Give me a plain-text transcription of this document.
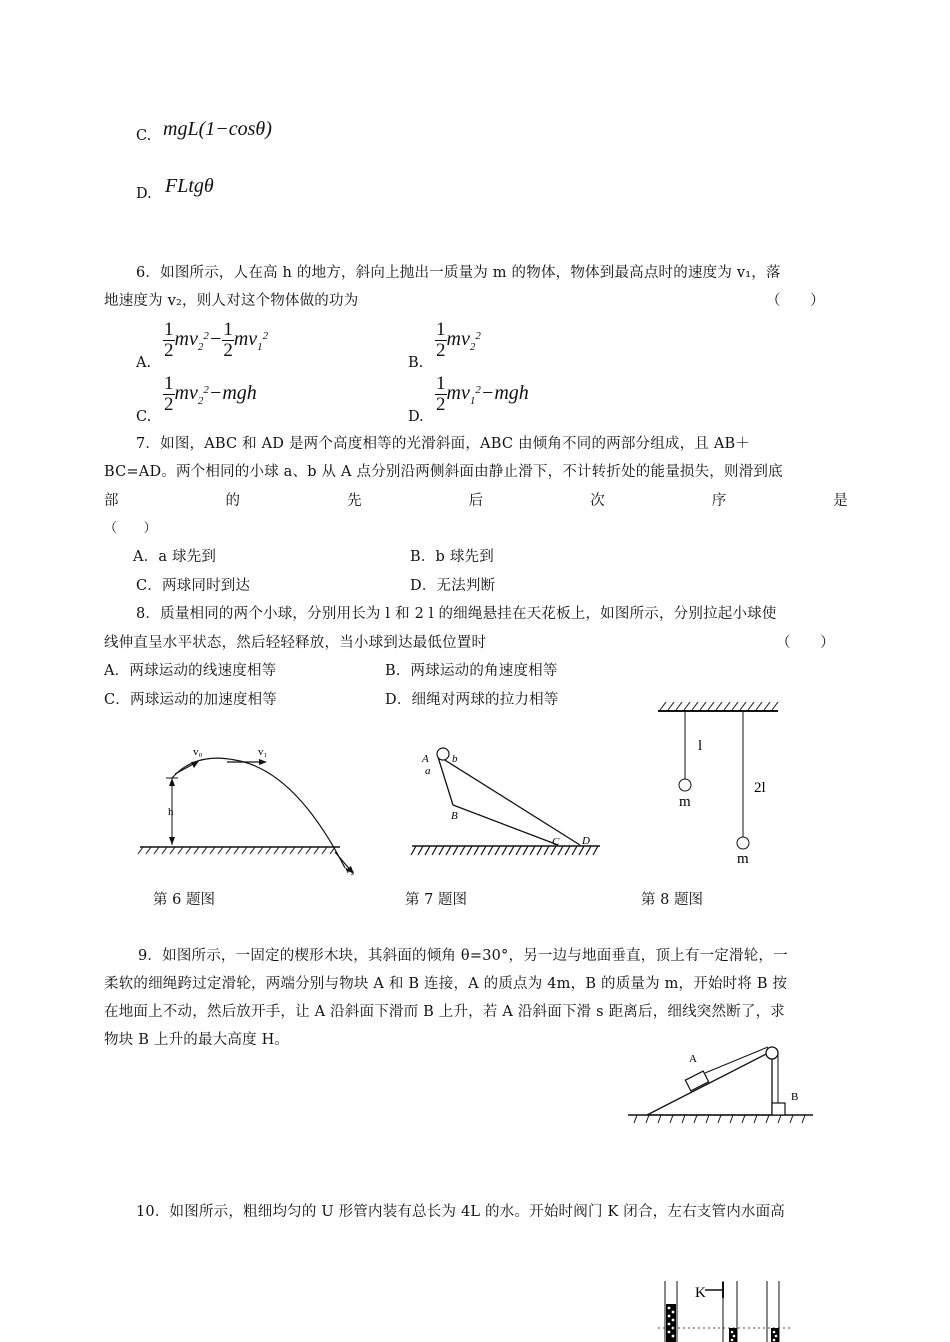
C. mgL(1−cosθ)
D. FLtgθ
6．如图所示，人在高 h 的地方，斜向上抛出一质量为 m 的物体，物体到最高点时的速度为 v₁，落
地速度为 v₂，则人对这个物体做的功为	（　　）
A.
$\frac{1}{2} mv_2^2- \frac{1}{2} mv_1^2$
B.
$\frac{1}{2} mv_2^2$
C.
$\frac{1}{2} mv_2^2-mgh$
D.
$\frac{1}{2} mv_1^2-mgh$
7．如图，ABC 和 AD 是两个高度相等的光滑斜面，ABC 由倾角不同的两部分组成，且 AB＋
BC=AD。两个相同的小球 a、b 从 A 点分别沿两侧斜面由静止滑下，不计转折处的能量损失，则滑到底
部	的	先	后	次	序	是
（　　）
A．a 球先到	B．b 球先到
C．两球同时到达	D．无法判断
8．质量相同的两个小球，分别用长为 l 和 2 l 的细绳悬挂在天花板上，如图所示，分别拉起小球使
线伸直呈水平状态，然后轻轻释放，当小球到达最低位置时	（　　）
A．两球运动的线速度相等	B．两球运动的角速度相等
C．两球运动的加速度相等	D．细绳对两球的拉力相等
h
v₀	v₁
v₂
第 6 题图
A
a
b
B
C D
第 7 题图
l
2l
m
m
第 8 题图
9．如图所示，一固定的楔形木块，其斜面的倾角 θ=30°，另一边与地面垂直，顶上有一定滑轮，一
柔软的细绳跨过定滑轮，两端分别与物块 A 和 B 连接，A 的质点为 4m，B 的质量为 m，开始时将 B 按
在地面上不动，然后放开手，让 A 沿斜面下滑而 B 上升，若 A 沿斜面下滑 s 距离后，细线突然断了，求
物块 B 上升的最大高度 H。
A
B
10．如图所示，粗细均匀的 U 形管内装有总长为 4L 的水。开始时阀门 K 闭合，左右支管内水面高
K
